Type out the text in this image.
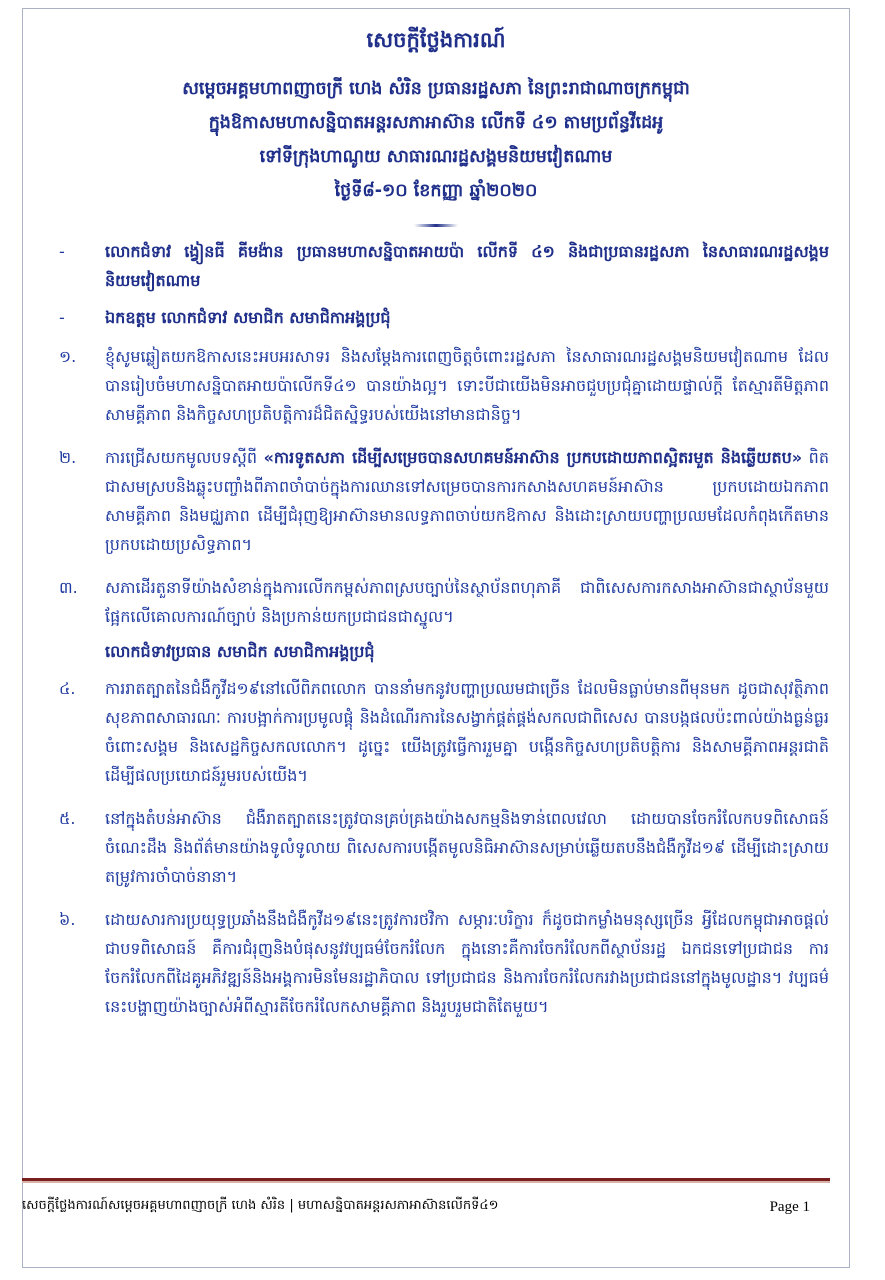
សេចក្តីថ្លែងការណ៍
សម្តេចអគ្គមហាពញាចក្រី ហេង សំរិន ប្រធានរដ្ឋសភា នៃព្រះរាជាណាចក្រកម្ពុជា
ក្នុងឱកាសមហាសន្និបាតអន្តរសភាអាស៊ាន លើកទី ៤១ តាមប្រព័ន្ធវីដេអូ
ទៅទីក្រុងហាណូយ សាធារណរដ្ឋសង្គមនិយមវៀតណាម
ថ្ងៃទី៨-១០ ខែកញ្ញា ឆ្នាំ២០២០
-	លោកជំទាវ ង្វៀនធី គីមង៉ាន ប្រធានមហាសន្និបាតអាយប៉ា លើកទី ៤១ និងជាប្រធានរដ្ឋសភា នៃសាធារណរដ្ឋសង្គមនិយមវៀតណាម
-	ឯកឧត្តម លោកជំទាវ សមាជិក សមាជិកាអង្គប្រជុំ
១.	ខ្ញុំសូមឆ្លៀតយកឱកាសនេះអបអរសាទរ និងសម្តែងការពេញចិត្តចំពោះរដ្ឋសភា នៃសាធារណរដ្ឋសង្គមនិយមវៀតណាម ដែលបានរៀបចំមហាសន្និបាតអាយប៉ាលើកទី៤១ បានយ៉ាងល្អ។ ទោះបីជាយើងមិនអាចជួបប្រជុំគ្នាដោយផ្ទាល់ក្តី តែស្មារតីមិត្តភាព សាមគ្គីភាព និងកិច្ចសហប្រតិបត្តិការដ៏ជិតស្និទ្ធរបស់យើងនៅមានជានិច្ច។
២.	ការជ្រើសយកមូលបទស្តីពី «ការទូតសភា ដើម្បីសម្រេចបានសហគមន៍អាស៊ាន ប្រកបដោយភាពស្អិតរមួត និងឆ្លើយតប» ពិតជាសមស្របនិងឆ្លុះបញ្ចាំងពីភាពចាំបាច់ក្នុងការឈានទៅសម្រេចបានការកសាងសហគមន៍អាស៊ាន ប្រកបដោយឯកភាព សាមគ្គីភាព និងមជ្ឈភាព ដើម្បីជំរុញឱ្យអាស៊ានមានលទ្ធភាពចាប់យកឱកាស និងដោះស្រាយបញ្ហាប្រឈមដែលកំពុងកើតមានប្រកបដោយប្រសិទ្ធភាព។
៣.	សភាដើរតួនាទីយ៉ាងសំខាន់ក្នុងការលើកកម្ពស់ភាពស្របច្បាប់នៃស្ថាប័នពហុភាគី ជាពិសេសការកសាងអាស៊ានជាស្ថាប័នមួយផ្អែកលើគោលការណ៍ច្បាប់ និងប្រកាន់យកប្រជាជនជាស្នូល។
លោកជំទាវប្រធាន សមាជិក សមាជិកាអង្គប្រជុំ
៤.	ការរាតត្បាតនៃជំងឺកូវីដ១៩នៅលើពិភពលោក បាននាំមកនូវបញ្ហាប្រឈមជាច្រើន ដែលមិនធ្លាប់មានពីមុនមក ដូចជាសុវត្ថិភាពសុខភាពសាធារណៈ ការបង្អាក់ការប្រមូលផ្តុំ និងដំណើរការនៃសង្វាក់ផ្គត់ផ្គង់សកលជាពិសេស បានបង្កផលប៉ះពាល់យ៉ាងធ្ងន់ធ្ងរចំពោះសង្គម និងសេដ្ឋកិច្ចសកលលោក។ ដូច្នេះ យើងត្រូវធ្វើការរួមគ្នា បង្កើនកិច្ចសហប្រតិបត្តិការ និងសាមគ្គីភាពអន្តរជាតិ ដើម្បីផលប្រយោជន៍រួមរបស់យើង។
៥.	នៅក្នុងតំបន់អាស៊ាន ជំងឺរាតត្បាតនេះត្រូវបានគ្រប់គ្រងយ៉ាងសកម្មនិងទាន់ពេលវេលា ដោយបានចែករំលែកបទពិសោធន៍ ចំណេះដឹង និងព័ត៌មានយ៉ាងទូលំទូលាយ ពិសេសការបង្កើតមូលនិធិអាស៊ានសម្រាប់ឆ្លើយតបនឹងជំងឺកូវីដ១៩ ដើម្បីដោះស្រាយតម្រូវការចាំបាច់នានា។
៦.	ដោយសារការប្រយុទ្ធប្រឆាំងនឹងជំងឺកូវីដ១៩នេះត្រូវការថវិកា សម្ភារៈបរិក្ខារ ក៏ដូចជាកម្លាំងមនុស្សច្រើន អ្វីដែលកម្ពុជាអាចផ្តល់ជាបទពិសោធន៍ គឺការជំរុញនិងបំផុសនូវវប្បធម៌ចែករំលែក ក្នុងនោះគឺការចែករំលែកពីស្ថាប័នរដ្ឋ ឯកជនទៅប្រជាជន ការចែករំលែកពីដៃគូអភិវឌ្ឍន៍និងអង្គការមិនមែនរដ្ឋាភិបាល ទៅប្រជាជន និងការចែករំលែករវាងប្រជាជននៅក្នុងមូលដ្ឋាន។ វប្បធម៌នេះបង្ហាញយ៉ាងច្បាស់អំពីស្មារតីចែករំលែកសាមគ្គីភាព និងរួបរួមជាតិតែមួយ។
សេចក្តីថ្លែងការណ៍សម្តេចអគ្គមហាពញាចក្រី ហេង សំរិន | មហាសន្និបាតអន្តរសភាអាស៊ានលើកទី៤១	Page 1
